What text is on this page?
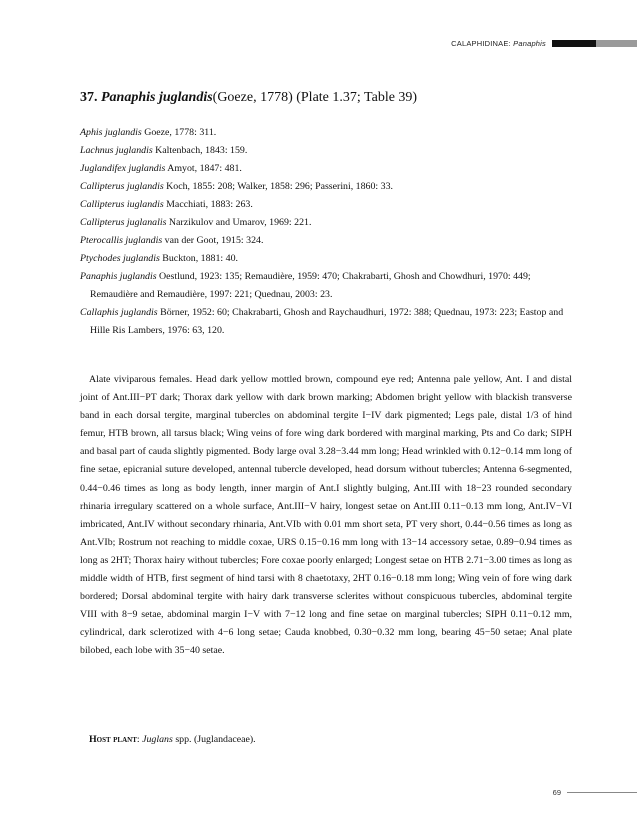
CALAPHIDINAE: Panaphis
37. Panaphis juglandis(Goeze, 1778) (Plate 1.37; Table 39)
Aphis juglandis Goeze, 1778: 311.
Lachnus juglandis Kaltenbach, 1843: 159.
Juglandifex juglandis Amyot, 1847: 481.
Callipterus juglandis Koch, 1855: 208; Walker, 1858: 296; Passerini, 1860: 33.
Callipterus iuglandis Macchiati, 1883: 263.
Callipterus juglanalis Narzikulov and Umarov, 1969: 221.
Pterocallis juglandis van der Goot, 1915: 324.
Ptychodes juglandis Buckton, 1881: 40.
Panaphis juglandis Oestlund, 1923: 135; Remaudière, 1959: 470; Chakrabarti, Ghosh and Chowdhuri, 1970: 449; Remaudière and Remaudière, 1997: 221; Quednau, 2003: 23.
Callaphis juglandis Börner, 1952: 60; Chakrabarti, Ghosh and Raychaudhuri, 1972: 388; Quednau, 1973: 223; Eastop and Hille Ris Lambers, 1976: 63, 120.

Alate viviparous females. Head dark yellow mottled brown, compound eye red; Antenna pale yellow, Ant. I and distal joint of Ant.III−PT dark; Thorax dark yellow with dark brown marking; Abdomen bright yellow with blackish transverse band in each dorsal tergite, marginal tubercles on abdominal tergite I−IV dark pigmented; Legs pale, distal 1/3 of hind femur, HTB brown, all tarsus black; Wing veins of fore wing dark bordered with marginal marking, Pts and Co dark; SIPH and basal part of cauda slightly pigmented. Body large oval 3.28−3.44 mm long; Head wrinkled with 0.12−0.14 mm long of fine setae, epicranial suture developed, antennal tubercle developed, head dorsum without tubercles; Antenna 6-segmented, 0.44−0.46 times as long as body length, inner margin of Ant.I slightly bulging, Ant.III with 18−23 rounded secondary rhinaria irregulary scattered on a whole surface, Ant.III−V hairy, longest setae on Ant.III 0.11−0.13 mm long, Ant.IV−VI imbricated, Ant.IV without secondary rhinaria, Ant.VIb with 0.01 mm short seta, PT very short, 0.44−0.56 times as long as Ant.VIb; Rostrum not reaching to middle coxae, URS 0.15−0.16 mm long with 13−14 accessory setae, 0.89−0.94 times as long as 2HT; Thorax hairy without tubercles; Fore coxae poorly enlarged; Longest setae on HTB 2.71−3.00 times as long as middle width of HTB, first segment of hind tarsi with 8 chaetotaxy, 2HT 0.16−0.18 mm long; Wing vein of fore wing dark bordered; Dorsal abdominal tergite with hairy dark transverse sclerites without conspicuous tubercles, abdominal tergite VIII with 8−9 setae, abdominal margin I−V with 7−12 long and fine setae on marginal tubercles; SIPH 0.11−0.12 mm, cylindrical, dark sclerotized with 4−6 long setae; Cauda knobbed, 0.30−0.32 mm long, bearing 45−50 setae; Anal plate bilobed, each lobe with 35−40 setae.

Host plant: Juglans spp. (Juglandaceae).

69
